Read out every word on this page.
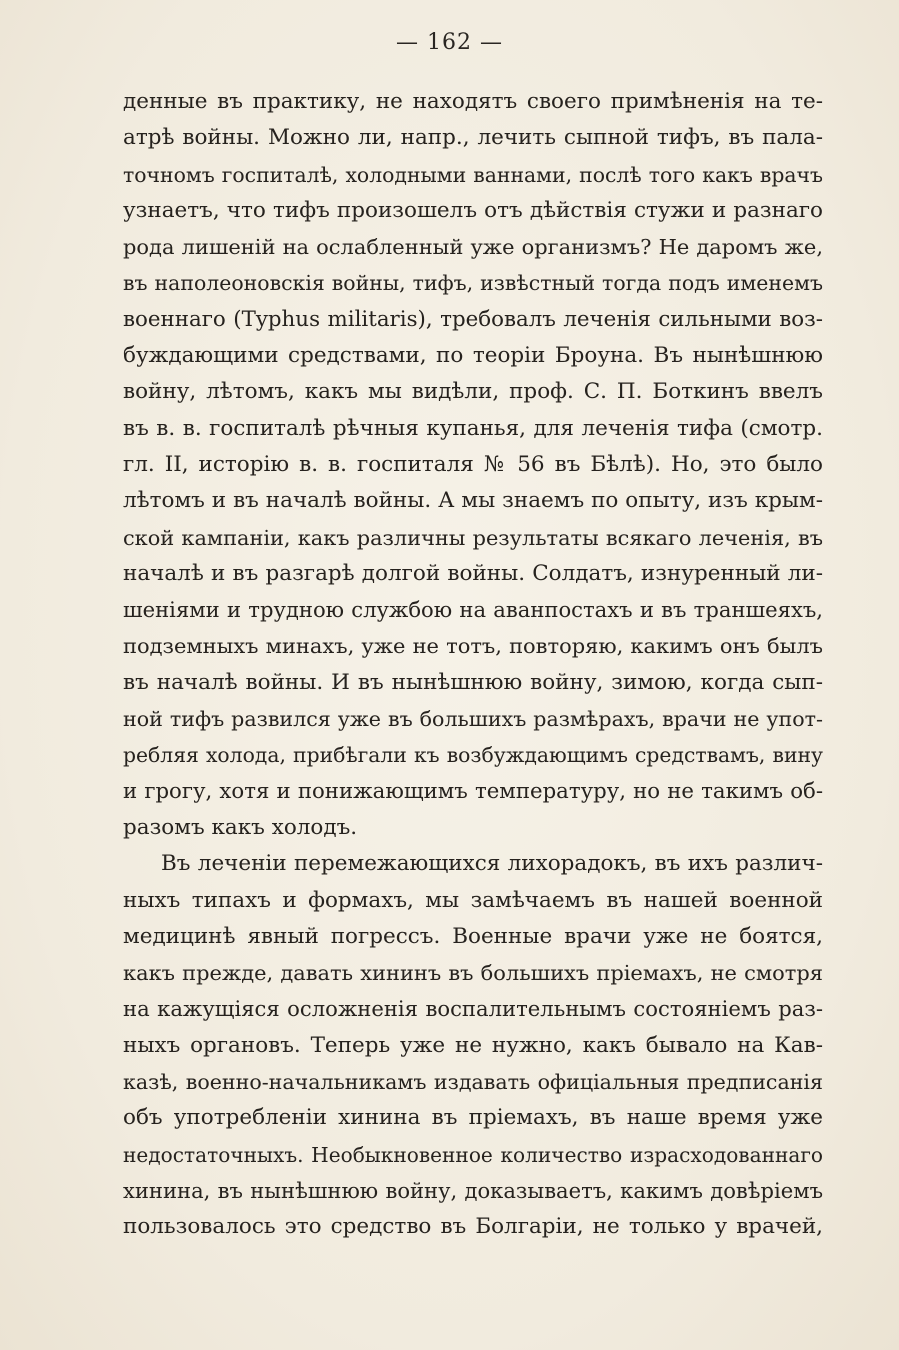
— 162 —
денные въ практику, не находятъ своего примѣненія на те-
атрѣ войны. Можно ли, напр., лечить сыпной тифъ, въ пала-
точномъ госпиталѣ, холодными ваннами, послѣ того какъ врачъ
узнаетъ, что тифъ произошелъ отъ дѣйствія стужи и разнаго
рода лишеній на ослабленный уже организмъ? Не даромъ же,
въ наполеоновскія войны, тифъ, извѣстный тогда подъ именемъ
военнаго (Typhus militaris), требовалъ леченія сильными воз-
буждающими средствами, по теоріи Броуна. Въ нынѣшнюю
войну, лѣтомъ, какъ мы видѣли, проф. С. П. Боткинъ ввелъ
въ в. в. госпиталѣ рѣчныя купанья, для леченія тифа (смотр.
гл. II, исторію в. в. госпиталя № 56 въ Бѣлѣ). Но, это было
лѣтомъ и въ началѣ войны. А мы знаемъ по опыту, изъ крым-
ской кампаніи, какъ различны результаты всякаго леченія, въ
началѣ и въ разгарѣ долгой войны. Солдатъ, изнуренный ли-
шеніями и трудною службою на аванпостахъ и въ траншеяхъ,
подземныхъ минахъ, уже не тотъ, повторяю, какимъ онъ былъ
въ началѣ войны. И въ нынѣшнюю войну, зимою, когда сып-
ной тифъ развился уже въ большихъ размѣрахъ, врачи не упот-
ребляя холода, прибѣгали къ возбуждающимъ средствамъ, вину
и грогу, хотя и понижающимъ температуру, но не такимъ об-
разомъ какъ холодъ.
Въ леченіи перемежающихся лихорадокъ, въ ихъ различ-
ныхъ типахъ и формахъ, мы замѣчаемъ въ нашей военной
медицинѣ явный погрессъ. Военные врачи уже не боятся,
какъ прежде, давать хининъ въ большихъ пріемахъ, не смотря
на кажущіяся осложненія воспалительнымъ состояніемъ раз-
ныхъ органовъ. Теперь уже не нужно, какъ бывало на Кав-
казѣ, военно-начальникамъ издавать офиціальныя предписанія
объ употребленіи хинина въ пріемахъ, въ наше время уже
недостаточныхъ. Необыкновенное количество израсходованнаго
хинина, въ нынѣшнюю войну, доказываетъ, какимъ довѣріемъ
пользовалось это средство въ Болгаріи, не только у врачей,
